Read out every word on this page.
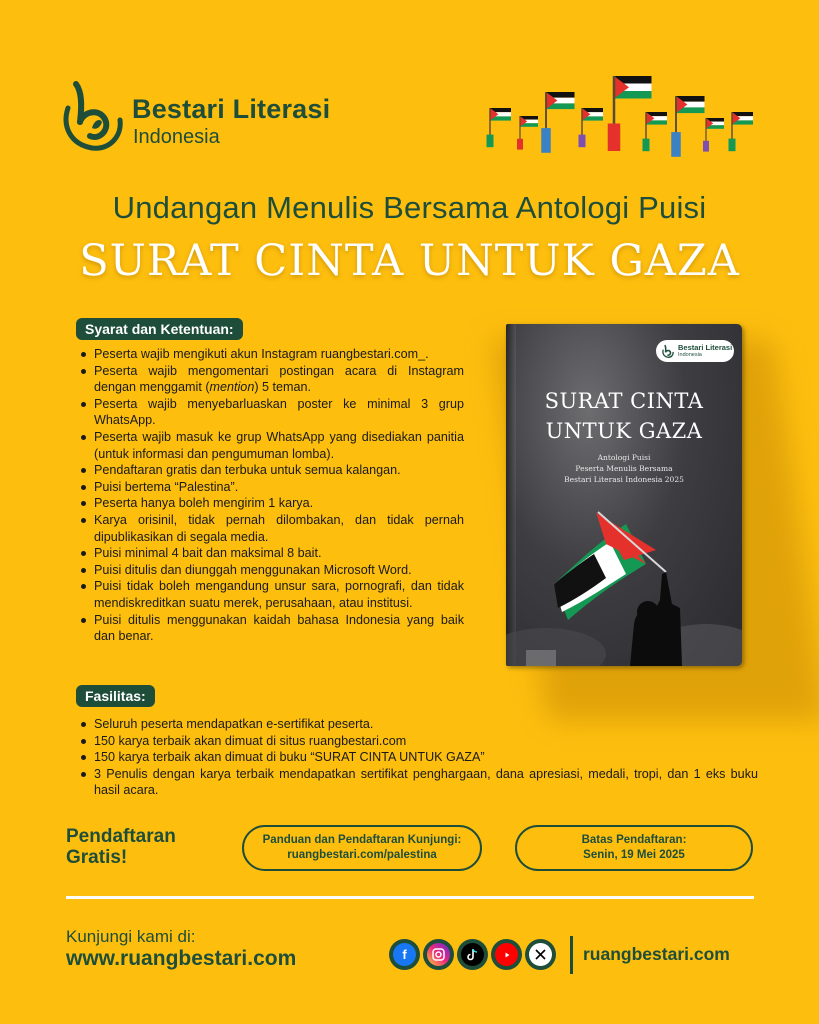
Bestari Literasi
Indonesia
Undangan Menulis Bersama Antologi Puisi
SURAT CINTA UNTUK GAZA
Syarat dan Ketentuan:
Peserta wajib mengikuti akun Instagram ruangbestari.com_.
Peserta wajib mengomentari postingan acara di Instagram dengan menggamit (mention) 5 teman.
Peserta wajib menyebarluaskan poster ke minimal 3 grup WhatsApp.
Peserta wajib masuk ke grup WhatsApp yang disediakan panitia (untuk informasi dan pengumuman lomba).
Pendaftaran gratis dan terbuka untuk semua kalangan.
Puisi bertema “Palestina”.
Peserta hanya boleh mengirim 1 karya.
Karya orisinil, tidak pernah dilombakan, dan tidak pernah dipublikasikan di segala media.
Puisi minimal 4 bait dan maksimal 8 bait.
Puisi ditulis dan diunggah menggunakan Microsoft Word.
Puisi tidak boleh mengandung unsur sara, pornografi, dan tidak mendiskreditkan suatu merek, perusahaan, atau institusi.
Puisi ditulis menggunakan kaidah bahasa Indonesia yang baik dan benar.
Bestari Literasi
Indonesia
SURAT CINTA
UNTUK GAZA
Antologi Puisi
Peserta Menulis Bersama
Bestari Literasi Indonesia 2025
Fasilitas:
Seluruh peserta mendapatkan e-sertifikat peserta.
150 karya terbaik akan dimuat di situs ruangbestari.com
150 karya terbaik akan dimuat di buku “SURAT CINTA UNTUK GAZA”
3 Penulis dengan karya terbaik mendapatkan sertifikat penghargaan, dana apresiasi, medali, tropi, dan 1 eks buku hasil acara.
Pendaftaran
Gratis!
Panduan dan Pendaftaran Kunjungi:
ruangbestari.com/palestina
Batas Pendaftaran:
Senin, 19 Mei 2025
Kunjungi kami di:
www.ruangbestari.com	f	ruangbestari.com
